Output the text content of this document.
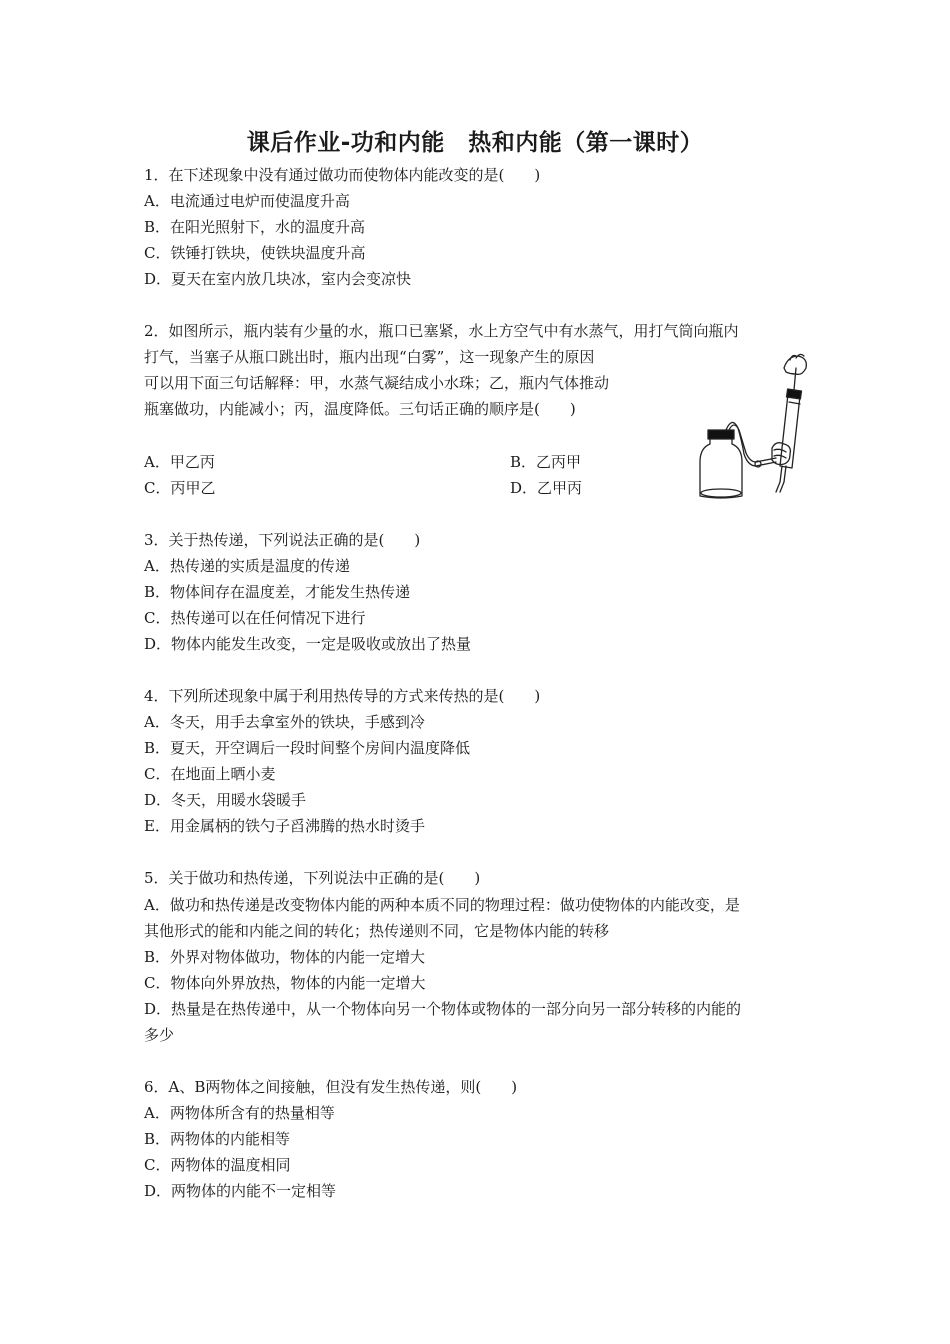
课后作业-功和内能　热和内能（第一课时）
1．在下述现象中没有通过做功而使物体内能改变的是(　　)
A．电流通过电炉而使温度升高
B．在阳光照射下，水的温度升高
C．铁锤打铁块，使铁块温度升高
D．夏天在室内放几块冰，室内会变凉快
2．如图所示，瓶内装有少量的水，瓶口已塞紧，水上方空气中有水蒸气，用打气筒向瓶内
打气，当塞子从瓶口跳出时，瓶内出现“白雾”，这一现象产生的原因
可以用下面三句话解释：甲，水蒸气凝结成小水珠；乙，瓶内气体推动
瓶塞做功，内能减小；丙，温度降低。三句话正确的顺序是(　　)
A．甲乙丙	B．乙丙甲
C．丙甲乙	D．乙甲丙
3．关于热传递，下列说法正确的是(　　)
A．热传递的实质是温度的传递
B．物体间存在温度差，才能发生热传递
C．热传递可以在任何情况下进行
D．物体内能发生改变，一定是吸收或放出了热量
4．下列所述现象中属于利用热传导的方式来传热的是(　　)
A．冬天，用手去拿室外的铁块，手感到冷
B．夏天，开空调后一段时间整个房间内温度降低
C．在地面上晒小麦
D．冬天，用暖水袋暖手
E．用金属柄的铁勺子舀沸腾的热水时烫手
5．关于做功和热传递，下列说法中正确的是(　　)
A．做功和热传递是改变物体内能的两种本质不同的物理过程：做功使物体的内能改变，是
其他形式的能和内能之间的转化；热传递则不同，它是物体内能的转移
B．外界对物体做功，物体的内能一定增大
C．物体向外界放热，物体的内能一定增大
D．热量是在热传递中，从一个物体向另一个物体或物体的一部分向另一部分转移的内能的
多少
6．A、B两物体之间接触，但没有发生热传递，则(　　)
A．两物体所含有的热量相等
B．两物体的内能相等
C．两物体的温度相同
D．两物体的内能不一定相等
